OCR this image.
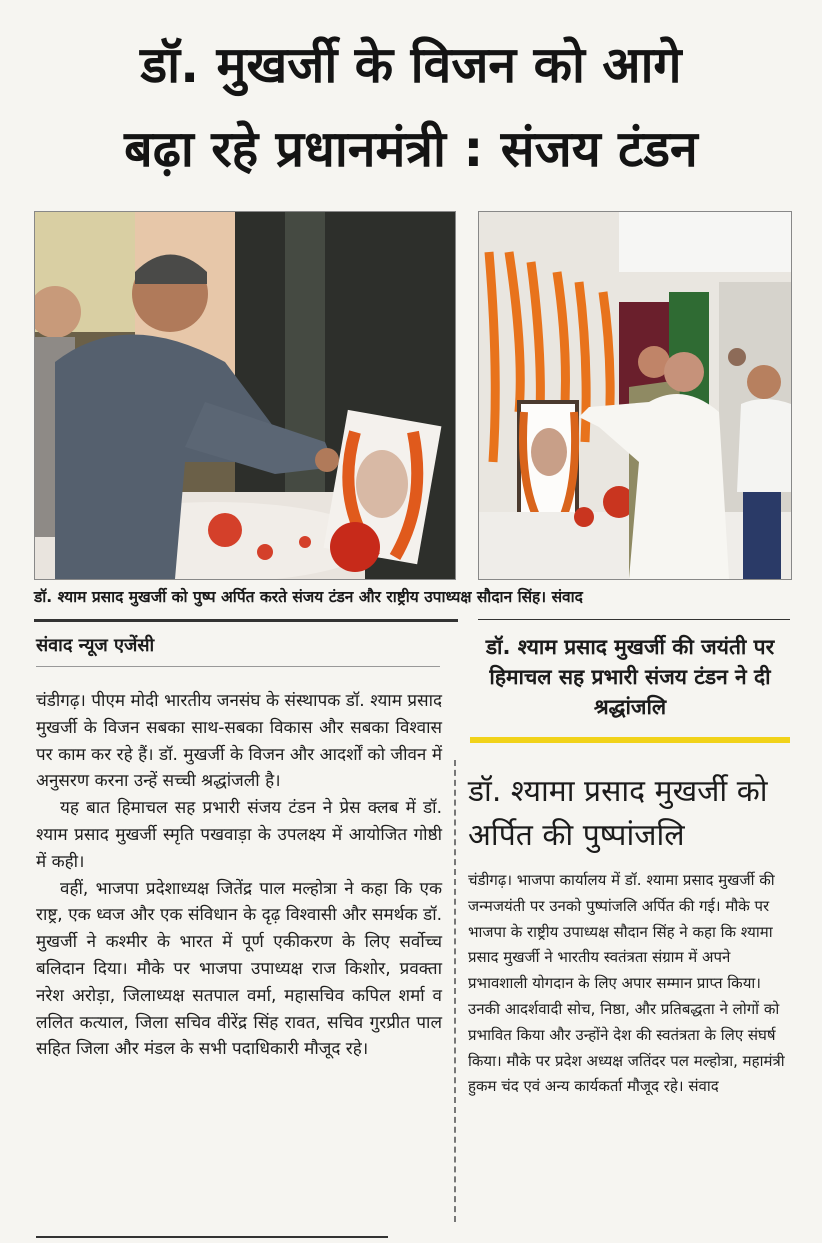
डॉ. मुखर्जी के विजन को आगे
बढ़ा रहे प्रधानमंत्री : संजय टंडन
डॉ. श्याम प्रसाद मुखर्जी को पुष्प अर्पित करते संजय टंडन और राष्ट्रीय उपाध्यक्ष सौदान सिंह। संवाद
संवाद न्यूज एजेंसी

चंडीगढ़। पीएम मोदी भारतीय जनसंघ के संस्थापक डॉ. श्याम प्रसाद मुखर्जी के विजन सबका साथ-सबका विकास और सबका विश्वास पर काम कर रहे हैं। डॉ. मुखर्जी के विजन और आदर्शों को जीवन में अनुसरण करना उन्हें सच्ची श्रद्धांजली है।

यह बात हिमाचल सह प्रभारी संजय टंडन ने प्रेस क्लब में डॉ. श्याम प्रसाद मुखर्जी स्मृति पखवाड़ा के उपलक्ष्य में आयोजित गोष्ठी में कही।

वहीं, भाजपा प्रदेशाध्यक्ष जितेंद्र पाल मल्होत्रा ने कहा कि एक राष्ट्र, एक ध्वज और एक संविधान के दृढ़ विश्वासी और समर्थक डॉ. मुखर्जी ने कश्मीर के भारत में पूर्ण एकीकरण के लिए सर्वोच्च बलिदान दिया। मौके पर भाजपा उपाध्यक्ष राज किशोर, प्रवक्ता नरेश अरोड़ा, जिलाध्यक्ष सतपाल वर्मा, महासचिव कपिल शर्मा व ललित कत्याल, जिला सचिव वीरेंद्र सिंह रावत, सचिव गुरप्रीत पाल सहित जिला और मंडल के सभी पदाधिकारी मौजूद रहे।

डॉ. श्याम प्रसाद मुखर्जी की जयंती पर हिमाचल सह प्रभारी संजय टंडन ने दी श्रद्धांजलि
डॉ. श्यामा प्रसाद मुखर्जी को अर्पित की पुष्पांजलि
चंडीगढ़। भाजपा कार्यालय में डॉ. श्यामा प्रसाद मुखर्जी की जन्मजयंती पर उनको पुष्पांजलि अर्पित की गई। मौके पर भाजपा के राष्ट्रीय उपाध्यक्ष सौदान सिंह ने कहा कि श्यामा प्रसाद मुखर्जी ने भारतीय स्वतंत्रता संग्राम में अपने प्रभावशाली योगदान के लिए अपार सम्मान प्राप्त किया। उनकी आदर्शवादी सोच, निष्ठा, और प्रतिबद्धता ने लोगों को प्रभावित किया और उन्होंने देश की स्वतंत्रता के लिए संघर्ष किया। मौके पर प्रदेश अध्यक्ष जतिंदर पल मल्होत्रा, महामंत्री हुकम चंद एवं अन्य कार्यकर्ता मौजूद रहे। संवाद
